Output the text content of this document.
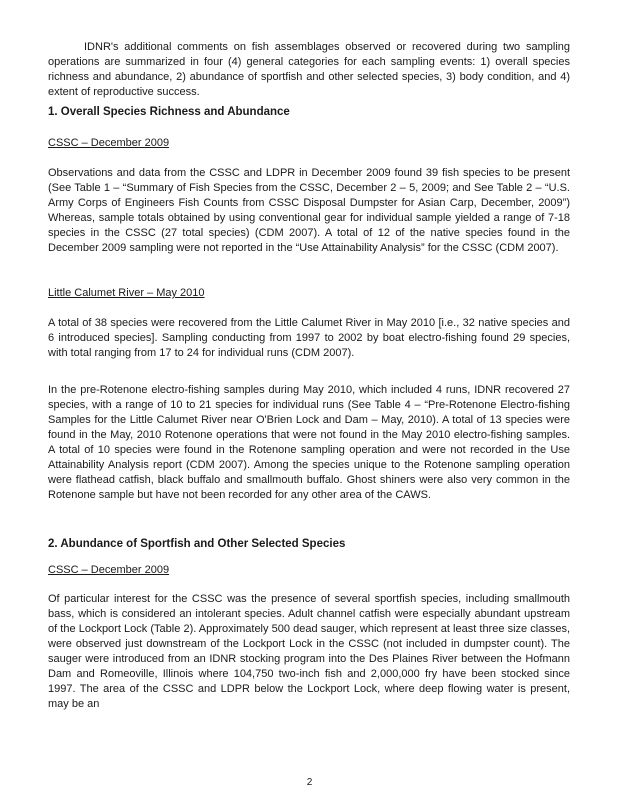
IDNR's additional comments on fish assemblages observed or recovered during two sampling operations are summarized in four (4) general categories for each sampling events: 1) overall species richness and abundance, 2) abundance of sportfish and other selected species, 3) body condition, and 4) extent of reproductive success.

1. Overall Species Richness and Abundance
CSSC – December 2009

Observations and data from the CSSC and LDPR in December 2009 found 39 fish species to be present (See Table 1 – “Summary of Fish Species from the CSSC, December 2 – 5, 2009; and See Table 2 – “U.S. Army Corps of Engineers Fish Counts from CSSC Disposal Dumpster for Asian Carp, December, 2009”) Whereas, sample totals obtained by using conventional gear for individual sample yielded a range of 7-18 species in the CSSC (27 total species) (CDM 2007). A total of 12 of the native species found in the December 2009 sampling were not reported in the “Use Attainability Analysis” for the CSSC (CDM 2007).

Little Calumet River – May 2010

A total of 38 species were recovered from the Little Calumet River in May 2010 [i.e., 32 native species and 6 introduced species]. Sampling conducting from 1997 to 2002 by boat electro-fishing found 29 species, with total ranging from 17 to 24 for individual runs (CDM 2007).

In the pre-Rotenone electro-fishing samples during May 2010, which included 4 runs, IDNR recovered 27 species, with a range of 10 to 21 species for individual runs (See Table 4 – “Pre-Rotenone Electro-fishing Samples for the Little Calumet River near O'Brien Lock and Dam – May, 2010). A total of 13 species were found in the May, 2010 Rotenone operations that were not found in the May 2010 electro-fishing samples. A total of 10 species were found in the Rotenone sampling operation and were not recorded in the Use Attainability Analysis report (CDM 2007). Among the species unique to the Rotenone sampling operation were flathead catfish, black buffalo and smallmouth buffalo. Ghost shiners were also very common in the Rotenone sample but have not been recorded for any other area of the CAWS.

2. Abundance of Sportfish and Other Selected Species
CSSC – December 2009

Of particular interest for the CSSC was the presence of several sportfish species, including smallmouth bass, which is considered an intolerant species. Adult channel catfish were especially abundant upstream of the Lockport Lock (Table 2). Approximately 500 dead sauger, which represent at least three size classes, were observed just downstream of the Lockport Lock in the CSSC (not included in dumpster count). The sauger were introduced from an IDNR stocking program into the Des Plaines River between the Hofmann Dam and Romeoville, Illinois where 104,750 two-inch fish and 2,000,000 fry have been stocked since 1997. The area of the CSSC and LDPR below the Lockport Lock, where deep flowing water is present, may be an

2
